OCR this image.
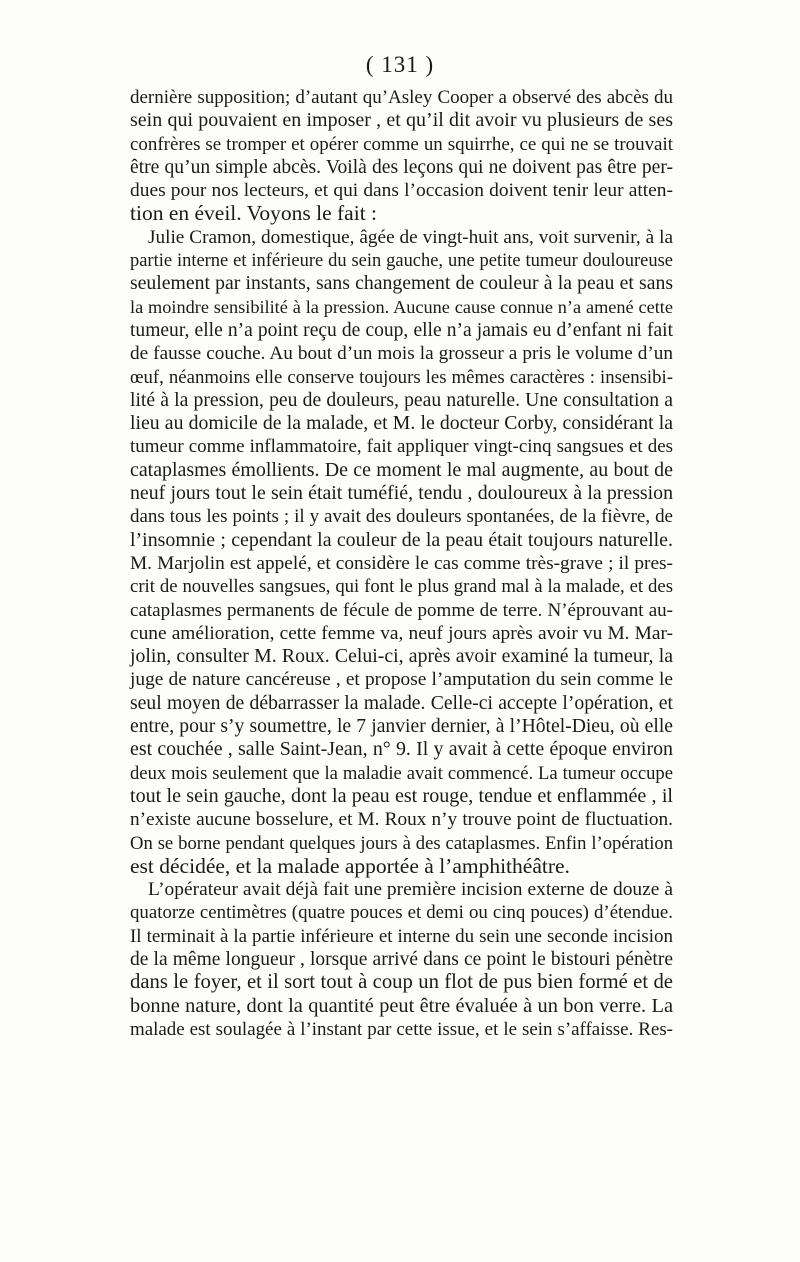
( 131 )
dernière supposition; d’autant qu’Asley Cooper a observé des abcès du
sein qui pouvaient en imposer , et qu’il dit avoir vu plusieurs de ses
confrères se tromper et opérer comme un squirrhe, ce qui ne se trouvait
être qu’un simple abcès. Voilà des leçons qui ne doivent pas être per-
dues pour nos lecteurs, et qui dans l’occasion doivent tenir leur atten-
tion en éveil. Voyons le fait :
Julie Cramon, domestique, âgée de vingt-huit ans, voit survenir, à la
partie interne et inférieure du sein gauche, une petite tumeur douloureuse
seulement par instants, sans changement de couleur à la peau et sans
la moindre sensibilité à la pression. Aucune cause connue n’a amené cette
tumeur, elle n’a point reçu de coup, elle n’a jamais eu d’enfant ni fait
de fausse couche. Au bout d’un mois la grosseur a pris le volume d’un
œuf, néanmoins elle conserve toujours les mêmes caractères : insensibi-
lité à la pression, peu de douleurs, peau naturelle. Une consultation a
lieu au domicile de la malade, et M. le docteur Corby, considérant la
tumeur comme inflammatoire, fait appliquer vingt-cinq sangsues et des
cataplasmes émollients. De ce moment le mal augmente, au bout de
neuf jours tout le sein était tuméfié, tendu , douloureux à la pression
dans tous les points ; il y avait des douleurs spontanées, de la fièvre, de
l’insomnie ; cependant la couleur de la peau était toujours naturelle.
M. Marjolin est appelé, et considère le cas comme très-grave ; il pres-
crit de nouvelles sangsues, qui font le plus grand mal à la malade, et des
cataplasmes permanents de fécule de pomme de terre. N’éprouvant au-
cune amélioration, cette femme va, neuf jours après avoir vu M. Mar-
jolin, consulter M. Roux. Celui-ci, après avoir examiné la tumeur, la
juge de nature cancéreuse , et propose l’amputation du sein comme le
seul moyen de débarrasser la malade. Celle-ci accepte l’opération, et
entre, pour s’y soumettre, le 7 janvier dernier, à l’Hôtel-Dieu, où elle
est couchée , salle Saint-Jean, n° 9. Il y avait à cette époque environ
deux mois seulement que la maladie avait commencé. La tumeur occupe
tout le sein gauche, dont la peau est rouge, tendue et enflammée , il
n’existe aucune bosselure, et M. Roux n’y trouve point de fluctuation.
On se borne pendant quelques jours à des cataplasmes. Enfin l’opération
est décidée, et la malade apportée à l’amphithéâtre.
L’opérateur avait déjà fait une première incision externe de douze à
quatorze centimètres (quatre pouces et demi ou cinq pouces) d’étendue.
Il terminait à la partie inférieure et interne du sein une seconde incision
de la même longueur , lorsque arrivé dans ce point le bistouri pénètre
dans le foyer, et il sort tout à coup un flot de pus bien formé et de
bonne nature, dont la quantité peut être évaluée à un bon verre. La
malade est soulagée à l’instant par cette issue, et le sein s’affaisse. Res-
